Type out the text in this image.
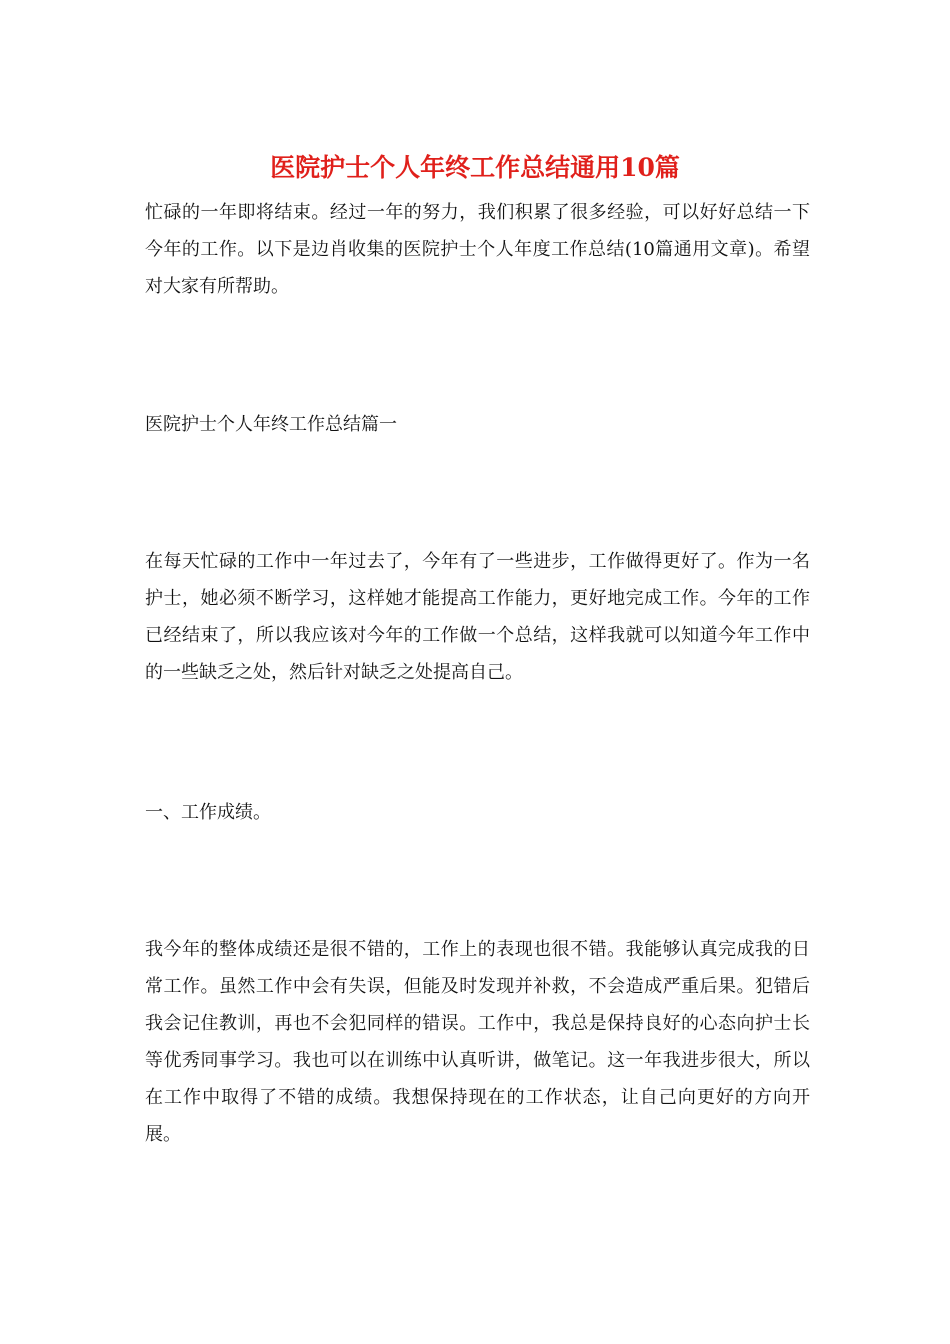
医院护士个人年终工作总结通用10篇

忙碌的一年即将结束。经过一年的努力，我们积累了很多经验，可以好好总结一下今年的工作。以下是边肖收集的医院护士个人年度工作总结(10篇通用文章)。希望对大家有所帮助。

医院护士个人年终工作总结篇一

在每天忙碌的工作中一年过去了，今年有了一些进步，工作做得更好了。作为一名护士，她必须不断学习，这样她才能提高工作能力，更好地完成工作。今年的工作已经结束了，所以我应该对今年的工作做一个总结，这样我就可以知道今年工作中的一些缺乏之处，然后针对缺乏之处提高自己。

一、工作成绩。

我今年的整体成绩还是很不错的，工作上的表现也很不错。我能够认真完成我的日常工作。虽然工作中会有失误，但能及时发现并补救，不会造成严重后果。犯错后我会记住教训，再也不会犯同样的错误。工作中，我总是保持良好的心态向护士长等优秀同事学习。我也可以在训练中认真听讲，做笔记。这一年我进步很大，所以在工作中取得了不错的成绩。我想保持现在的工作状态，让自己向更好的方向开展。
